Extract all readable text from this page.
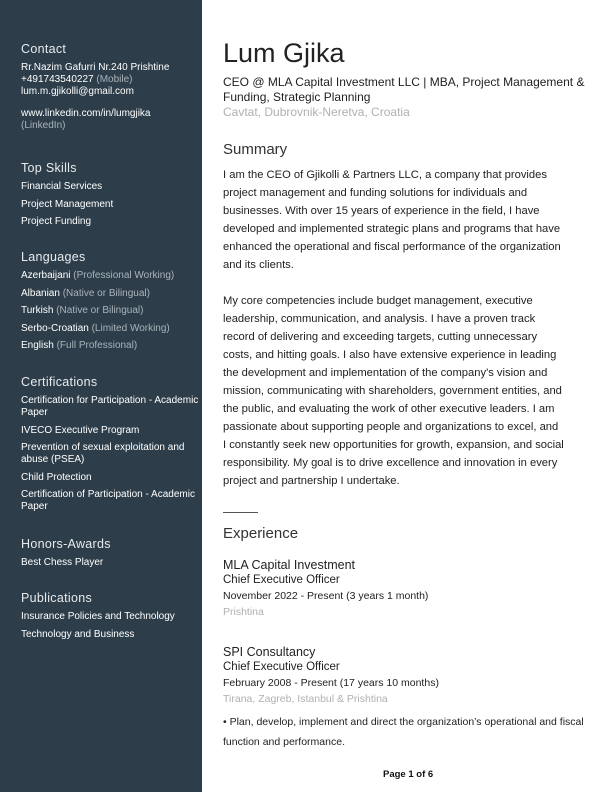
Contact
Rr.Nazim Gafurri Nr.240 Prishtine
+491743540227 (Mobile)
lum.m.gjikolli@gmail.com
www.linkedin.com/in/lumgjika
(LinkedIn)
Top Skills
Financial Services
Project Management
Project Funding
Languages
Azerbaijani (Professional Working)
Albanian (Native or Bilingual)
Turkish (Native or Bilingual)
Serbo-Croatian (Limited Working)
English (Full Professional)
Certifications
Certification for Participation - Academic Paper
IVECO Executive Program
Prevention of sexual exploitation and abuse (PSEA)
Child Protection
Certification of Participation - Academic Paper
Honors-Awards
Best Chess Player
Publications
Insurance Policies and Technology
Technology and Business
Lum Gjika
CEO @ MLA Capital Investment LLC | MBA, Project Management & Funding, Strategic Planning
Cavtat, Dubrovnik-Neretva, Croatia
Summary
I am the CEO of Gjikolli & Partners LLC, a company that provides
project management and funding solutions for individuals and
businesses. With over 15 years of experience in the field, I have
developed and implemented strategic plans and programs that have
enhanced the operational and fiscal performance of the organization
and its clients.
My core competencies include budget management, executive
leadership, communication, and analysis. I have a proven track
record of delivering and exceeding targets, cutting unnecessary
costs, and hitting goals. I also have extensive experience in leading
the development and implementation of the company's vision and
mission, communicating with shareholders, government entities, and
the public, and evaluating the work of other executive leaders. I am
passionate about supporting people and organizations to excel, and
I constantly seek new opportunities for growth, expansion, and social
responsibility. My goal is to drive excellence and innovation in every
project and partnership I undertake.
Experience
MLA Capital Investment
Chief Executive Officer
November 2022 - Present (3 years 1 month)
Prishtina
SPI Consultancy
Chief Executive Officer
February 2008 - Present (17 years 10 months)
Tirana, Zagreb, Istanbul & Prishtina
• Plan, develop, implement and direct the organization’s operational and fiscal
function and performance.
Page 1 of 6
